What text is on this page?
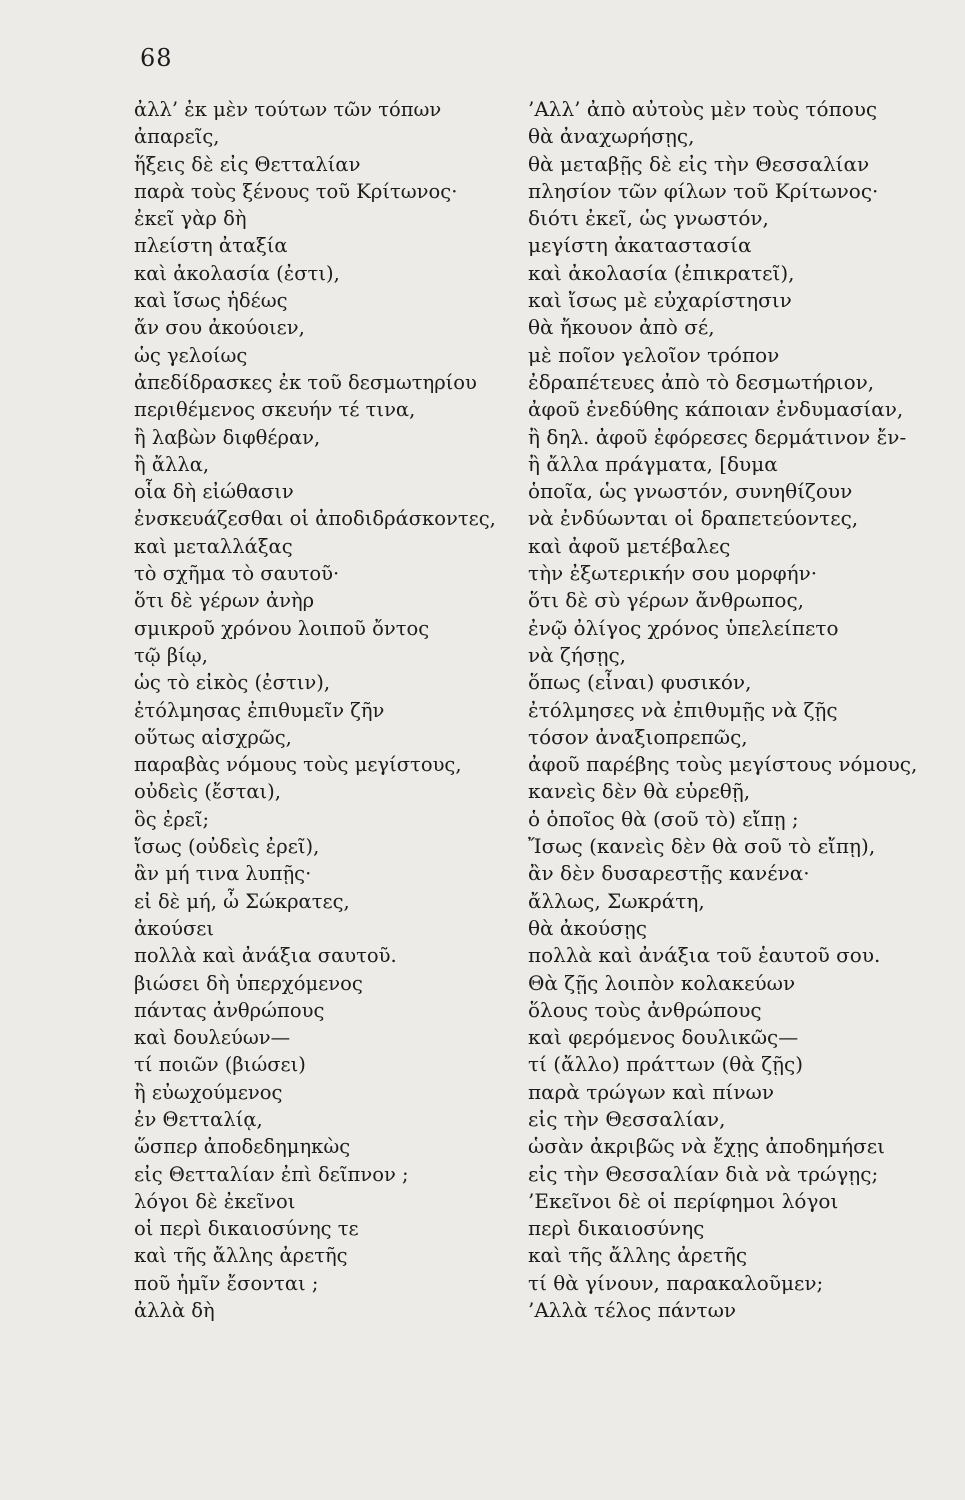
68
ἀλλ’ ἐκ μὲν τούτων τῶν τόπων
ἀπαρεῖς,
ἥξεις δὲ εἰς Θετταλίαν
παρὰ τοὺς ξένους τοῦ Κρίτωνος·
ἐκεῖ γὰρ δὴ
πλείστη ἀταξία
καὶ ἀκολασία (ἐστι),
καὶ ἴσως ἡδέως
ἄν σου ἀκούοιεν,
ὡς γελοίως
ἀπεδίδρασκες ἐκ τοῦ δεσμωτηρίου
περιθέμενος σκευήν τέ τινα,
ἢ λαβὼν διφθέραν,
ἢ ἄλλα,
οἷα δὴ εἰώθασιν
ἐνσκευάζεσθαι οἱ ἀποδιδράσκοντες,
καὶ μεταλλάξας
τὸ σχῆμα τὸ σαυτοῦ·
ὅτι δὲ γέρων ἀνὴρ
σμικροῦ χρόνου λοιποῦ ὄντος
τῷ βίῳ,
ὡς τὸ εἰκὸς (ἐστιν),
ἐτόλμησας ἐπιθυμεῖν ζῆν
οὕτως αἰσχρῶς,
παραβὰς νόμους τοὺς μεγίστους,
οὐδεὶς (ἔσται),
ὃς ἐρεῖ;
ἴσως (οὐδεὶς ἐρεῖ),
ἂν μή τινα λυπῇς·
εἰ δὲ μή, ὦ Σώκρατες,
ἀκούσει
πολλὰ καὶ ἀνάξια σαυτοῦ.
βιώσει δὴ ὑπερχόμενος
πάντας ἀνθρώπους
καὶ δουλεύων—
τί ποιῶν (βιώσει)
ἢ εὐωχούμενος
ἐν Θετταλίᾳ,
ὥσπερ ἀποδεδημηκὼς
εἰς Θετταλίαν ἐπὶ δεῖπνον ;
λόγοι δὲ ἐκεῖνοι
οἱ περὶ δικαιοσύνης τε
καὶ τῆς ἄλλης ἀρετῆς
ποῦ ἡμῖν ἔσονται ;
ἀλλὰ δὴ
’Αλλ’ ἀπὸ αὐτοὺς μὲν τοὺς τόπους
θὰ ἀναχωρήσῃς,
θὰ μεταβῇς δὲ εἰς τὴν Θεσσαλίαν
πλησίον τῶν φίλων τοῦ Κρίτωνος·
διότι ἐκεῖ, ὡς γνωστόν,
μεγίστη ἀκαταστασία
καὶ ἀκολασία (ἐπικρατεῖ),
καὶ ἴσως μὲ εὐχαρίστησιν
θὰ ἤκουον ἀπὸ σέ,
μὲ ποῖον γελοῖον τρόπον
ἐδραπέτευες ἀπὸ τὸ δεσμωτήριον,
ἀφοῦ ἐνεδύθης κάποιαν ἐνδυμασίαν,
ἢ δηλ. ἀφοῦ ἐφόρεσες δερμάτινον ἔν-
ἢ ἄλλα πράγματα, [δυμα
ὁποῖα, ὡς γνωστόν, συνηθίζουν
νὰ ἐνδύωνται οἱ δραπετεύοντες,
καὶ ἀφοῦ μετέβαλες
τὴν ἐξωτερικήν σου μορφήν·
ὅτι δὲ σὺ γέρων ἄνθρωπος,
ἐνῷ ὀλίγος χρόνος ὑπελείπετο
νὰ ζήσῃς,
ὅπως (εἶναι) φυσικόν,
ἐτόλμησες νὰ ἐπιθυμῇς νὰ ζῇς
τόσον ἀναξιοπρεπῶς,
ἀφοῦ παρέβης τοὺς μεγίστους νόμους,
κανεὶς δὲν θὰ εὑρεθῇ,
ὁ ὁποῖος θὰ (σοῦ τὸ) εἴπῃ ;
Ἴσως (κανεὶς δὲν θὰ σοῦ τὸ εἴπῃ),
ἂν δὲν δυσαρεστῇς κανένα·
ἄλλως, Σωκράτη,
θὰ ἀκούσῃς
πολλὰ καὶ ἀνάξια τοῦ ἑαυτοῦ σου.
Θὰ ζῇς λοιπὸν κολακεύων
ὅλους τοὺς ἀνθρώπους
καὶ φερόμενος δουλικῶς—
τί (ἄλλο) πράττων (θὰ ζῇς)
παρὰ τρώγων καὶ πίνων
εἰς τὴν Θεσσαλίαν,
ὡσὰν ἀκριβῶς νὰ ἔχῃς ἀποδημήσει
εἰς τὴν Θεσσαλίαν διὰ νὰ τρώγῃς;
’Εκεῖνοι δὲ οἱ περίφημοι λόγοι
περὶ δικαιοσύνης
καὶ τῆς ἄλλης ἀρετῆς
τί θὰ γίνουν, παρακαλοῦμεν;
’Αλλὰ τέλος πάντων
